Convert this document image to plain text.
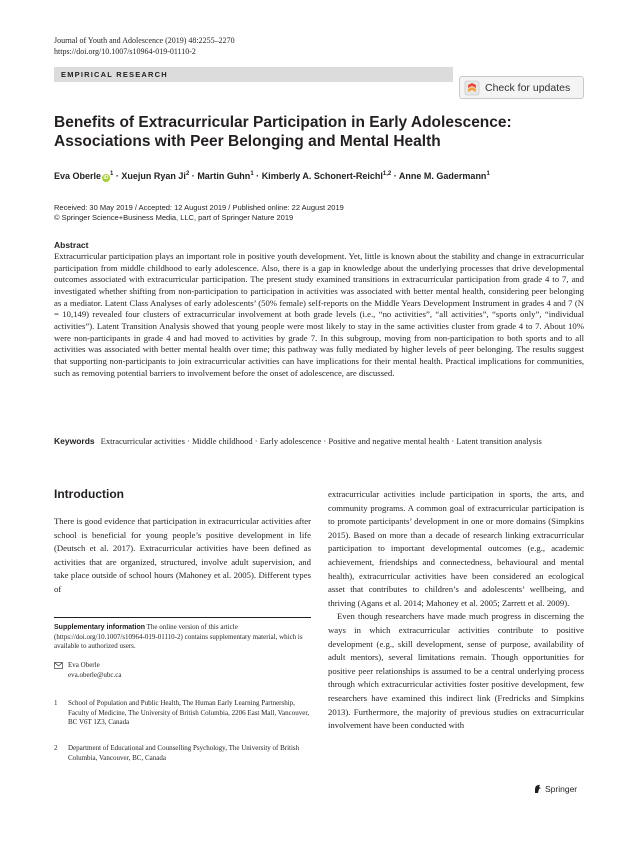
Journal of Youth and Adolescence (2019) 48:2255–2270
https://doi.org/10.1007/s10964-019-01110-2
EMPIRICAL RESEARCH
Check for updates
Benefits of Extracurricular Participation in Early Adolescence:
Associations with Peer Belonging and Mental Health
Eva Oberle $iD^1$ · Xuejun Ryan $Ji^2$ · Martin Guhn$^1$ · Kimberly A. Schonert-Reichl$^{1,2}$ · Anne M. Gadermann$^1$
Received: 30 May 2019 / Accepted: 12 August 2019 / Published online: 22 August 2019
© Springer Science+Business Media, LLC, part of Springer Nature 2019
Abstract
Extracurricular participation plays an important role in positive youth development. Yet, little is known about the stability and change in extracurricular participation from middle childhood to early adolescence. Also, there is a gap in knowledge about the underlying processes that drive developmental outcomes associated with extracurricular participation. The present study examined transitions in extracurricular participation from grade 4 to 7, and investigated whether shifting from non-participation to participation in activities was associated with better mental health, considering peer belonging as a mediator. Latent Class Analyses of early adolescents’ (50% female) self-reports on the Middle Years Development Instrument in grades 4 and 7 (N = 10,149) revealed four clusters of extracurricular involvement at both grade levels (i.e., “no activities”, “all activities”, “sports only”, “individual activities”). Latent Transition Analysis showed that young people were most likely to stay in the same activities cluster from grade 4 to 7. About 10% were non-participants in grade 4 and had moved to activities by grade 7. In this subgroup, moving from non-participation to both sports and to all activities was associated with better mental health over time; this pathway was fully mediated by higher levels of peer belonging. The results suggest that supporting non-participants to join extracurricular activities can have implications for their mental health. Practical implications for communities, such as removing potential barriers to involvement before the onset of adolescence, are discussed.
Keywords Extracurricular activities · Middle childhood · Early adolescence · Positive and negative mental health · Latent transition analysis
Introduction

There is good evidence that participation in extracurricular activities after school is beneficial for young people’s positive development in life (Deutsch et al. 2017). Extracurricular activities have been defined as activities that are organized, structured, involve adult supervision, and take place outside of school hours (Mahoney et al. 2005). Different types of

extracurricular activities include participation in sports, the arts, and community programs. A common goal of extracurricular participation is to promote participants’ development in one or more domains (Simpkins 2015). Based on more than a decade of research linking extracurricular participation to important developmental outcomes (e.g., academic achievement, friendships and connectedness, behavioural and mental health), extracurricular activities have been considered an ecological asset that contributes to children’s and adolescents’ wellbeing, and thriving (Agans et al. 2014; Mahoney et al. 2005; Zarrett et al. 2009).

Even though researchers have made much progress in discerning the ways in which extracurricular activities contribute to positive development (e.g., skill development, sense of purpose, availability of adult mentors), several limitations remain. Though opportunities for positive peer relationships is assumed to be a central underlying process through which extracurricular activities foster positive development, few researchers have examined this indirect link (Fredricks and Simpkins 2013). Furthermore, the majority of previous studies on extracurricular involvement have been conducted with

Supplementary information The online version of this article (https://doi.org/10.1007/s10964-019-01110-2) contains supplementary material, which is available to authorized users.
Eva Oberle
eva.oberle@ubc.ca
1	School of Population and Public Health, The Human Early Learning Partnership, Faculty of Medicine, The University of British Columbia, 2206 East Mall, Vancouver, BC V6T 1Z3, Canada
2	Department of Educational and Counselling Psychology, The University of British Columbia, Vancouver, BC, Canada
Springer
